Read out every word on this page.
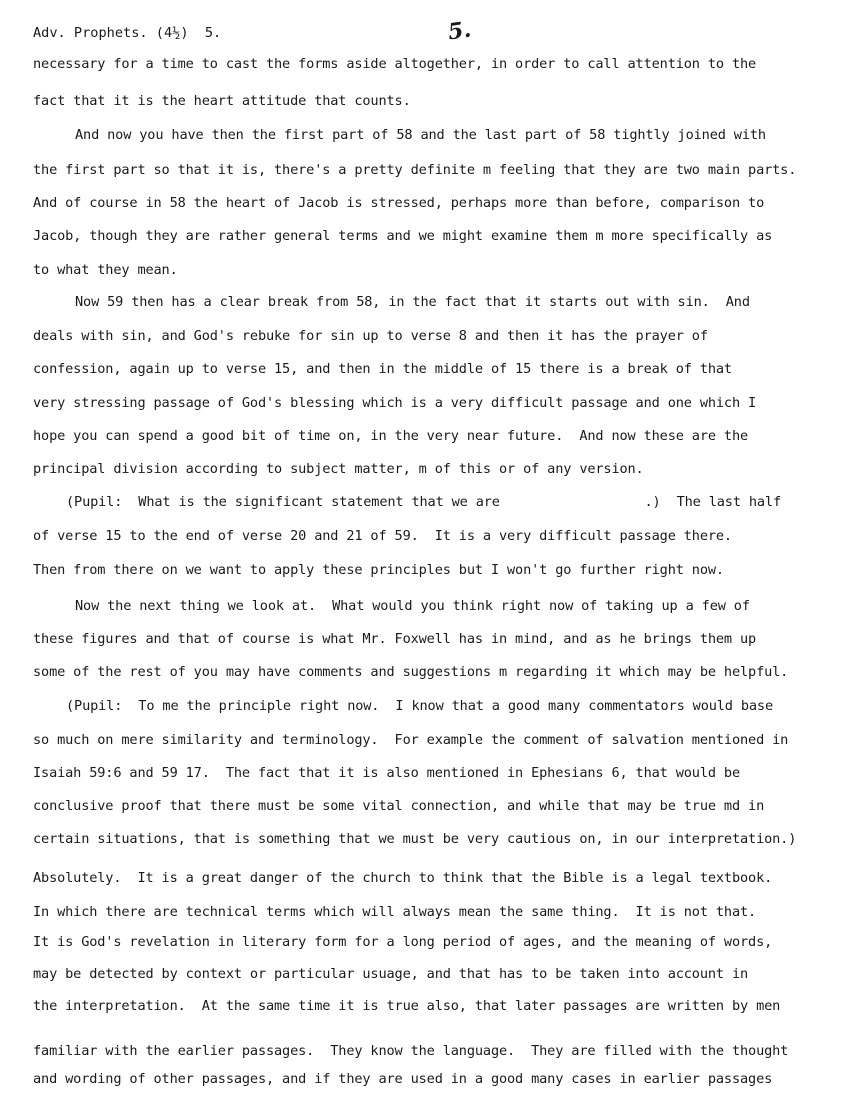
Adv. Prophets. (4½)  5.	5.
necessary for a time to cast the forms aside altogether, in order to call attention to the
fact that it is the heart attitude that counts.
And now you have then the first part of 58 and the last part of 58 tightly joined with
the first part so that it is, there's a pretty definite m feeling that they are two main parts.
And of course in 58 the heart of Jacob is stressed, perhaps more than before, comparison to
Jacob, though they are rather general terms and we might examine them m more specifically as
to what they mean.
Now 59 then has a clear break from 58, in the fact that it starts out with sin.  And
deals with sin, and God's rebuke for sin up to verse 8 and then it has the prayer of
confession, again up to verse 15, and then in the middle of 15 there is a break of that
very stressing passage of God's blessing which is a very difficult passage and one which I
hope you can spend a good bit of time on, in the very near future.  And now these are the
principal division according to subject matter, m of this or of any version.
(Pupil:  What is the significant statement that we are                  .)  The last half
of verse 15 to the end of verse 20 and 21 of 59.  It is a very difficult passage there.
Then from there on we want to apply these principles but I won't go further right now.
Now the next thing we look at.  What would you think right now of taking up a few of
these figures and that of course is what Mr. Foxwell has in mind, and as he brings them up
some of the rest of you may have comments and suggestions m regarding it which may be helpful.
(Pupil:  To me the principle right now.  I know that a good many commentators would base
so much on mere similarity and terminology.  For example the comment of salvation mentioned in
Isaiah 59:6 and 59 17.  The fact that it is also mentioned in Ephesians 6, that would be
conclusive proof that there must be some vital connection, and while that may be true md in
certain situations, that is something that we must be very cautious on, in our interpretation.)
Absolutely.  It is a great danger of the church to think that the Bible is a legal textbook.
In which there are technical terms which will always mean the same thing.  It is not that.
It is God's revelation in literary form for a long period of ages, and the meaning of words,
may be detected by context or particular usuage, and that has to be taken into account in
the interpretation.  At the same time it is true also, that later passages are written by men
familiar with the earlier passages.  They know the language.  They are filled with the thought
and wording of other passages, and if they are used in a good many cases in earlier passages
